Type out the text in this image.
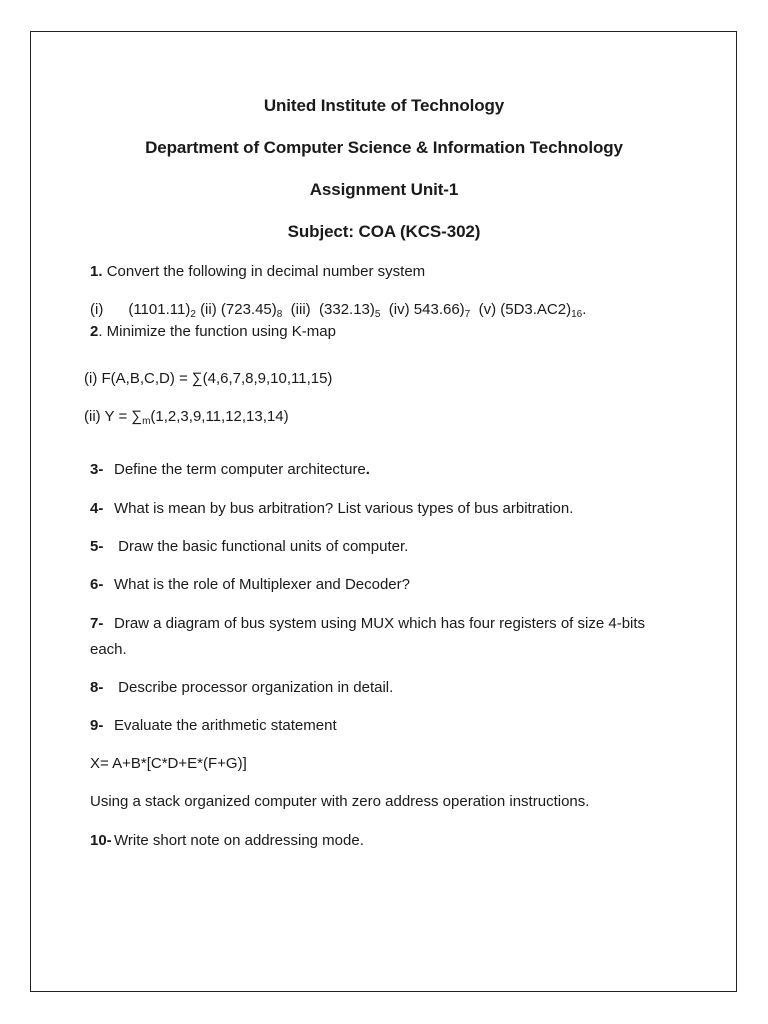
United Institute of Technology
Department of Computer Science & Information Technology
Assignment Unit-1
Subject: COA (KCS-302)
1. Convert the following in decimal number system
(i) $(1101.11)_2$ (ii) $(723.45)_8$ (iii) $(332.13)_5$ (iv) $543.66)_7$ (v) $(5D3.AC2)_{16}$.
2. Minimize the function using K-map
(i) F(A,B,C,D) = ∑(4,6,7,8,9,10,11,15)
(ii) $Y = \sum_m(1,2,3,9,11,12,13,14)$
3- Define the term computer architecture.
4- What is mean by bus arbitration? List various types of bus arbitration.
5- Draw the basic functional units of computer.
6- What is the role of Multiplexer and Decoder?
7- Draw a diagram of bus system using MUX which has four registers of size 4-bits
each.
8- Describe processor organization in detail.
9- Evaluate the arithmetic statement
X= A+B*[C*D+E*(F+G)]
Using a stack organized computer with zero address operation instructions.
10- Write short note on addressing mode.
